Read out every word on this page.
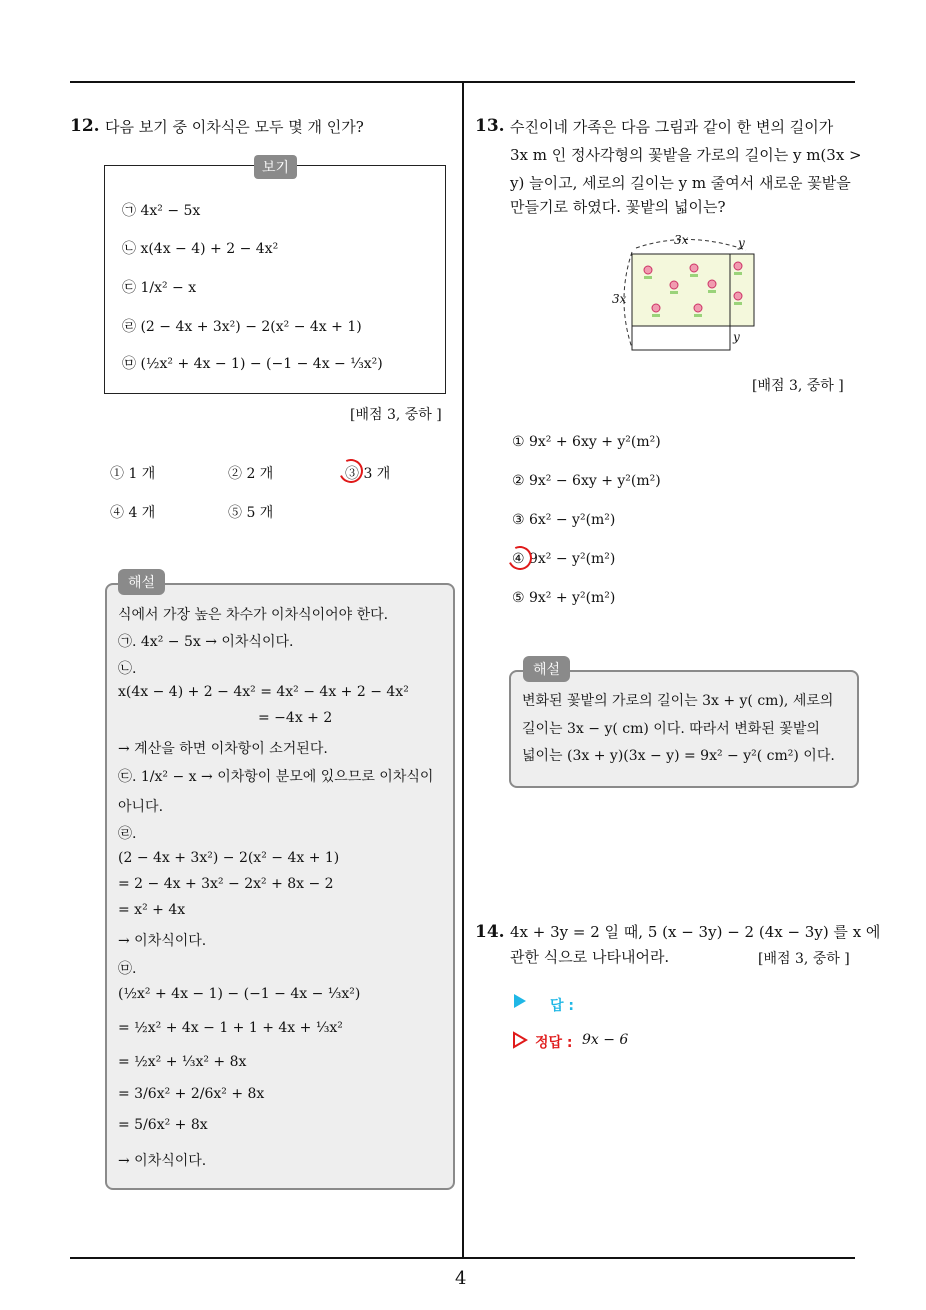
4
12. 다음 보기 중 이차식은 모두 몇 개 인가?
보기
㉠ 4x² − 5x
㉡ x(4x − 4) + 2 − 4x²
㉢ 1/x² − x
㉣ (2 − 4x + 3x²) − 2(x² − 4x + 1)
㉤ (½x² + 4x − 1) − (−1 − 4x − ⅓x²)
[배점 3, 중하 ]
① 1 개	② 2 개	③ 3 개
④ 4 개	⑤ 5 개
해설
식에서 가장 높은 차수가 이차식이어야 한다.
㉠. 4x² − 5x → 이차식이다.
㉡.
x(4x − 4) + 2 − 4x² = 4x² − 4x + 2 − 4x²
= −4x + 2
→ 계산을 하면 이차항이 소거된다.
㉢. 1/x² − x → 이차항이 분모에 있으므로 이차식이
아니다.
㉣.
(2 − 4x + 3x²) − 2(x² − 4x + 1)
= 2 − 4x + 3x² − 2x² + 8x − 2
= x² + 4x
→ 이차식이다.
㉤.
(½x² + 4x − 1) − (−1 − 4x − ⅓x²)
= ½x² + 4x − 1 + 1 + 4x + ⅓x²
= ½x² + ⅓x² + 8x
= 3/6x² + 2/6x² + 8x
= 5/6x² + 8x
→ 이차식이다.
13. 수진이네 가족은 다음 그림과 같이 한 변의 길이가
3x m 인 정사각형의 꽃밭을 가로의 길이는 y m(3x >
y) 늘이고, 세로의 길이는 y m 줄여서 새로운 꽃밭을
만들기로 하였다. 꽃밭의 넓이는?
3x
3x
y
y
[배점 3, 중하 ]
① 9x² + 6xy + y²(m²)
② 9x² − 6xy + y²(m²)
③ 6x² − y²(m²)
④ 9x² − y²(m²)
⑤ 9x² + y²(m²)
해설
변화된 꽃밭의 가로의 길이는 3x + y( cm), 세로의
길이는 3x − y( cm) 이다. 따라서 변화된 꽃밭의
넓이는 (3x + y)(3x − y) = 9x² − y²( cm²) 이다.
14. 4x + 3y = 2 일 때, 5 (x − 3y) − 2 (4x − 3y) 를 x 에
관한 식으로 나타내어라.	[배점 3, 중하 ]
답 :
정답 : 9x − 6
